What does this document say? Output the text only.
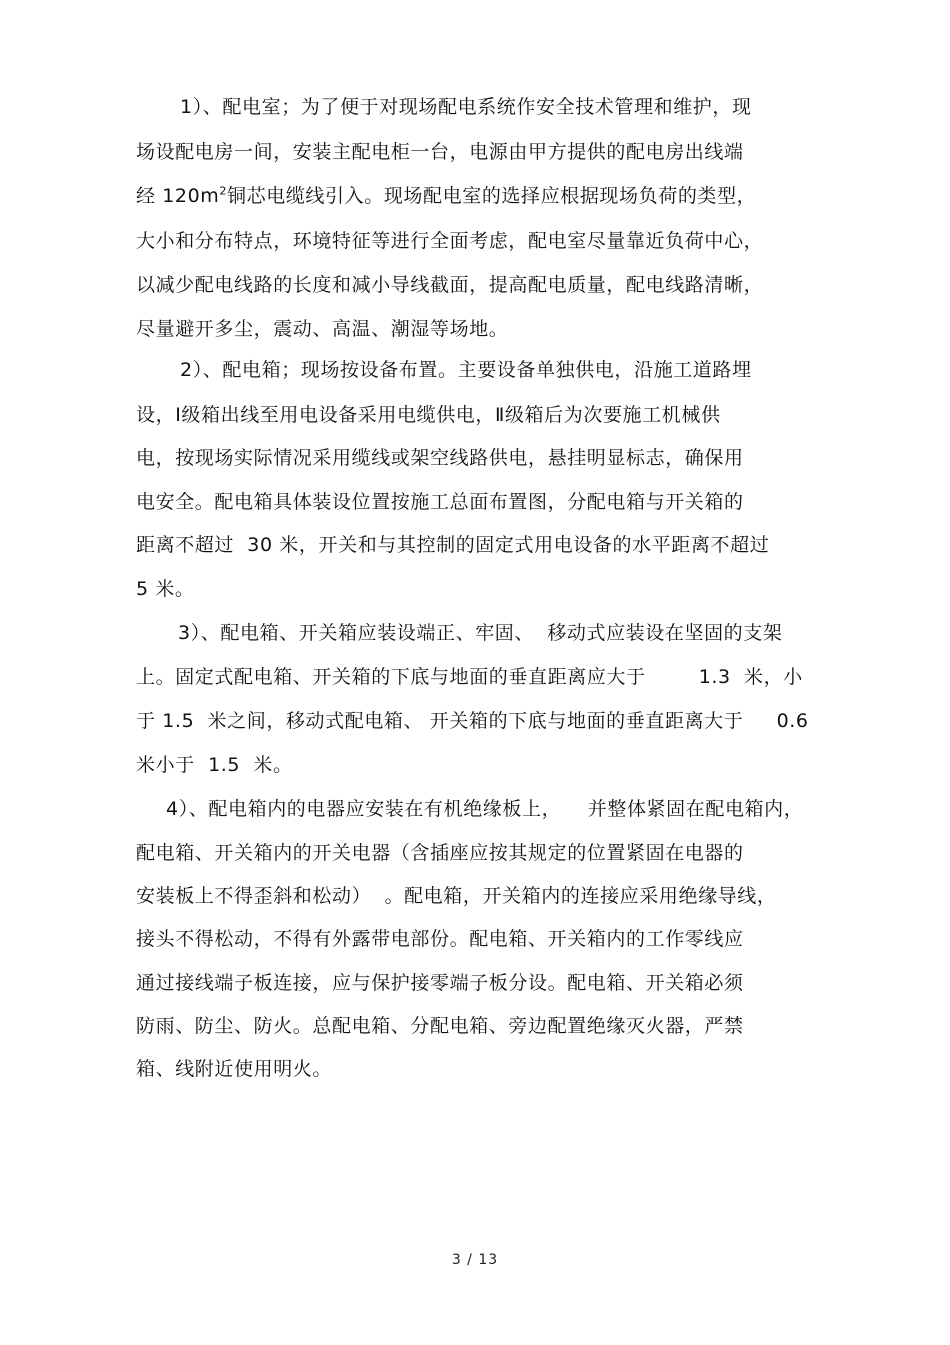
1）、配电室；为了便于对现场配电系统作安全技术管理和维护，现
场设配电房一间，安装主配电柜一台，电源由甲方提供的配电房出线端
经 $120m^2$铜芯电缆线引入。现场配电室的选择应根据现场负荷的类型，
大小和分布特点，环境特征等进行全面考虑，配电室尽量靠近负荷中心，
以减少配电线路的长度和减小导线截面，提高配电质量，配电线路清晰，
尽量避开多尘，震动、高温、潮湿等场地。
2）、配电箱；现场按设备布置。主要设备单独供电，沿施工道路埋
设，Ⅰ级箱出线至用电设备采用电缆供电，Ⅱ级箱后为次要施工机械供
电，按现场实际情况采用缆线或架空线路供电，悬挂明显标志，确保用
电安全。配电箱具体装设位置按施工总面布置图，分配电箱与开关箱的
距离不超过  30 米，开关和与其控制的固定式用电设备的水平距离不超过
5 米。
3）、配电箱、开关箱应装设端正、牢固、  移动式应装设在坚固的支架
上。固定式配电箱、开关箱的下底与地面的垂直距离应大于        1.3  米，小
于 1.5  米之间，移动式配电箱、 开关箱的下底与地面的垂直距离大于     0.6
米小于  1.5  米。
4）、配电箱内的电器应安装在有机绝缘板上，    并整体紧固在配电箱内，
配电箱、开关箱内的开关电器（含插座应按其规定的位置紧固在电器的
安装板上不得歪斜和松动）  。配电箱，开关箱内的连接应采用绝缘导线，
接头不得松动，不得有外露带电部份。配电箱、开关箱内的工作零线应
通过接线端子板连接，应与保护接零端子板分设。配电箱、开关箱必须
防雨、防尘、防火。总配电箱、分配电箱、旁边配置绝缘灭火器，严禁
箱、线附近使用明火。
3 / 13
